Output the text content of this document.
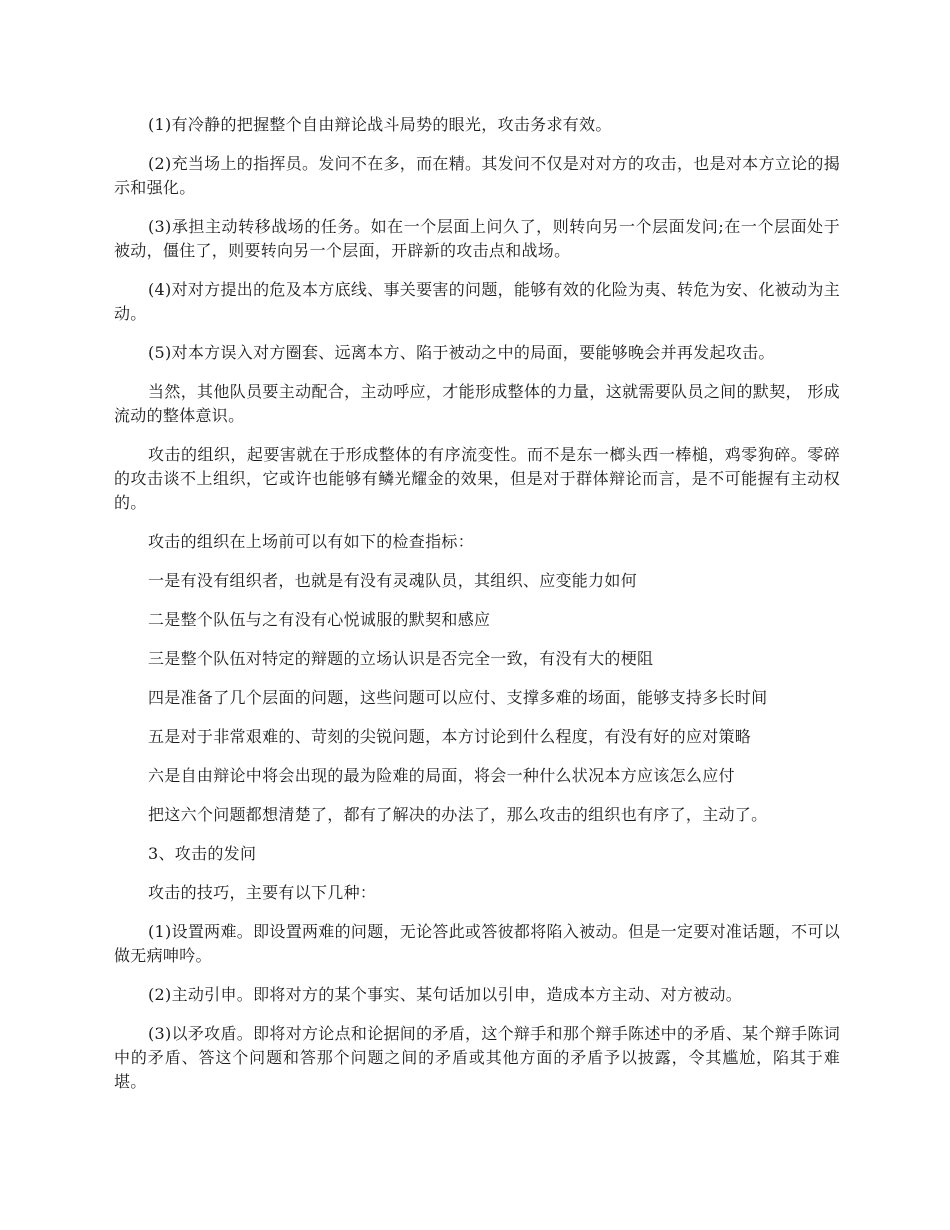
(1)有冷静的把握整个自由辩论战斗局势的眼光，攻击务求有效。

(2)充当场上的指挥员。发问不在多，而在精。其发问不仅是对对方的攻击，也是对本方立论的揭示和强化。

(3)承担主动转移战场的任务。如在一个层面上问久了，则转向另一个层面发问;在一个层面处于被动，僵住了，则要转向另一个层面，开辟新的攻击点和战场。

(4)对对方提出的危及本方底线、事关要害的问题，能够有效的化险为夷、转危为安、化被动为主动。

(5)对本方误入对方圈套、远离本方、陷于被动之中的局面，要能够晚会并再发起攻击。

当然，其他队员要主动配合，主动呼应，才能形成整体的力量，这就需要队员之间的默契， 形成流动的整体意识。

攻击的组织，起要害就在于形成整体的有序流变性。而不是东一榔头西一棒槌，鸡零狗碎。零碎的攻击谈不上组织，它或许也能够有鳞光耀金的效果，但是对于群体辩论而言，是不可能握有主动权的。

攻击的组织在上场前可以有如下的检查指标：

一是有没有组织者，也就是有没有灵魂队员，其组织、应变能力如何

二是整个队伍与之有没有心悦诚服的默契和感应

三是整个队伍对特定的辩题的立场认识是否完全一致，有没有大的梗阻

四是准备了几个层面的问题，这些问题可以应付、支撑多难的场面，能够支持多长时间

五是对于非常艰难的、苛刻的尖锐问题，本方讨论到什么程度，有没有好的应对策略

六是自由辩论中将会出现的最为险难的局面，将会一种什么状况本方应该怎么应付

把这六个问题都想清楚了，都有了解决的办法了，那么攻击的组织也有序了，主动了。

3、攻击的发问

攻击的技巧，主要有以下几种：

(1)设置两难。即设置两难的问题，无论答此或答彼都将陷入被动。但是一定要对准话题，不可以做无病呻吟。

(2)主动引申。即将对方的某个事实、某句话加以引申，造成本方主动、对方被动。

(3)以矛攻盾。即将对方论点和论据间的矛盾，这个辩手和那个辩手陈述中的矛盾、某个辩手陈词中的矛盾、答这个问题和答那个问题之间的矛盾或其他方面的矛盾予以披露，令其尴尬，陷其于难堪。
